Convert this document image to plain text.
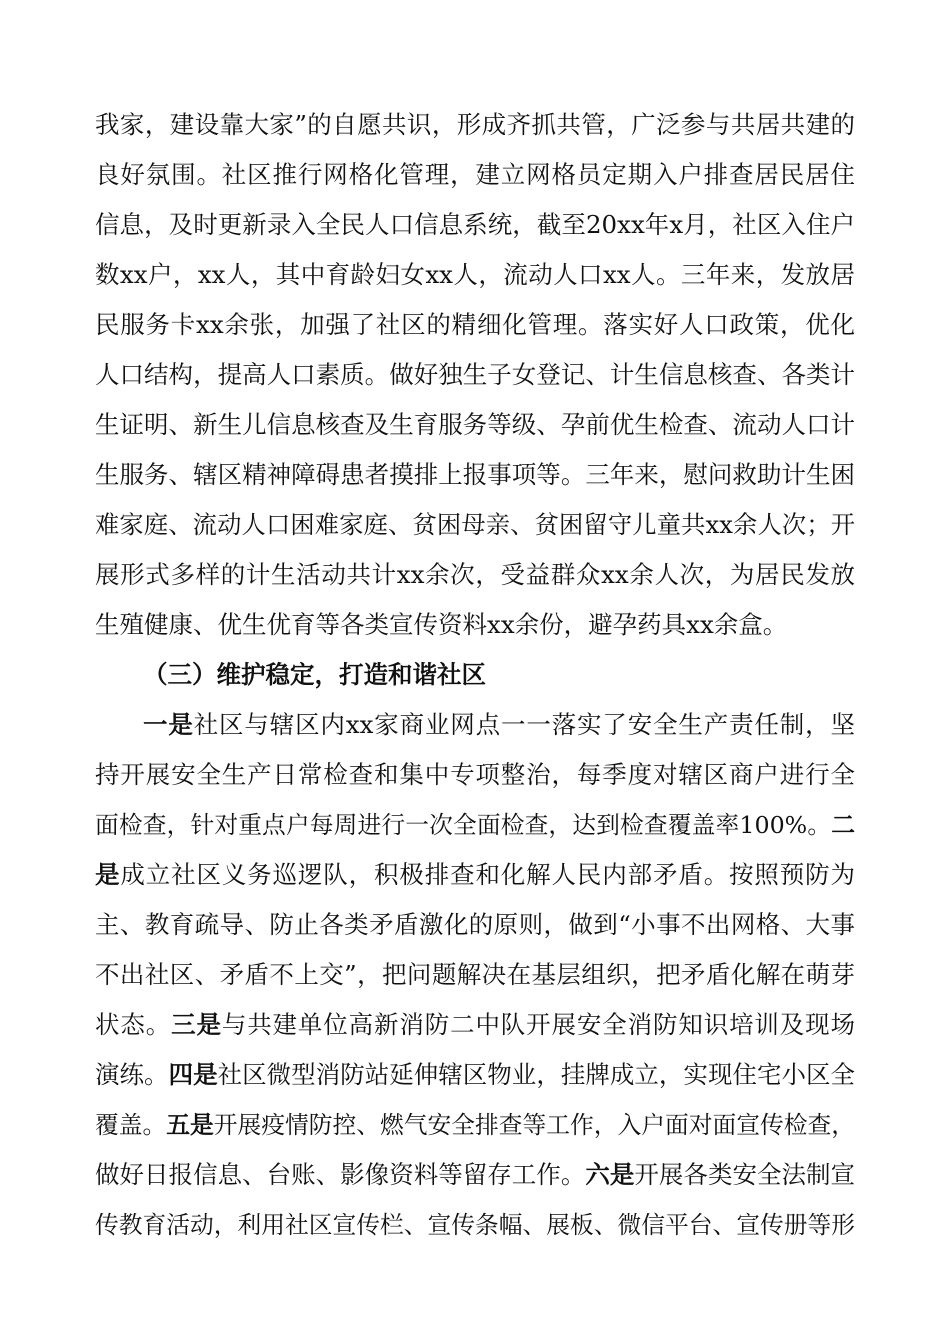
我家，建设靠大家”的自愿共识，形成齐抓共管，广泛参与共居共建的
良好氛围。社区推行网格化管理，建立网格员定期入户排查居民居住
信息，及时更新录入全民人口信息系统，截至20xx年x月，社区入住户
数xx户，xx人，其中育龄妇女xx人，流动人口xx人。三年来，发放居
民服务卡xx余张，加强了社区的精细化管理。落实好人口政策，优化
人口结构，提高人口素质。做好独生子女登记、计生信息核查、各类计
生证明、新生儿信息核查及生育服务等级、孕前优生检查、流动人口计
生服务、辖区精神障碍患者摸排上报事项等。三年来，慰问救助计生困
难家庭、流动人口困难家庭、贫困母亲、贫困留守儿童共xx余人次；开
展形式多样的计生活动共计xx余次，受益群众xx余人次，为居民发放
生殖健康、优生优育等各类宣传资料xx余份，避孕药具xx余盒。
（三）维护稳定，打造和谐社区
一是社区与辖区内xx家商业网点一一落实了安全生产责任制，坚
持开展安全生产日常检查和集中专项整治，每季度对辖区商户进行全
面检查，针对重点户每周进行一次全面检查，达到检查覆盖率100%。二
是成立社区义务巡逻队，积极排查和化解人民内部矛盾。按照预防为
主、教育疏导、防止各类矛盾激化的原则，做到“小事不出网格、大事
不出社区、矛盾不上交”，把问题解决在基层组织，把矛盾化解在萌芽
状态。三是与共建单位高新消防二中队开展安全消防知识培训及现场
演练。四是社区微型消防站延伸辖区物业，挂牌成立，实现住宅小区全
覆盖。五是开展疫情防控、燃气安全排查等工作，入户面对面宣传检查，
做好日报信息、台账、影像资料等留存工作。六是开展各类安全法制宣
传教育活动，利用社区宣传栏、宣传条幅、展板、微信平台、宣传册等形
